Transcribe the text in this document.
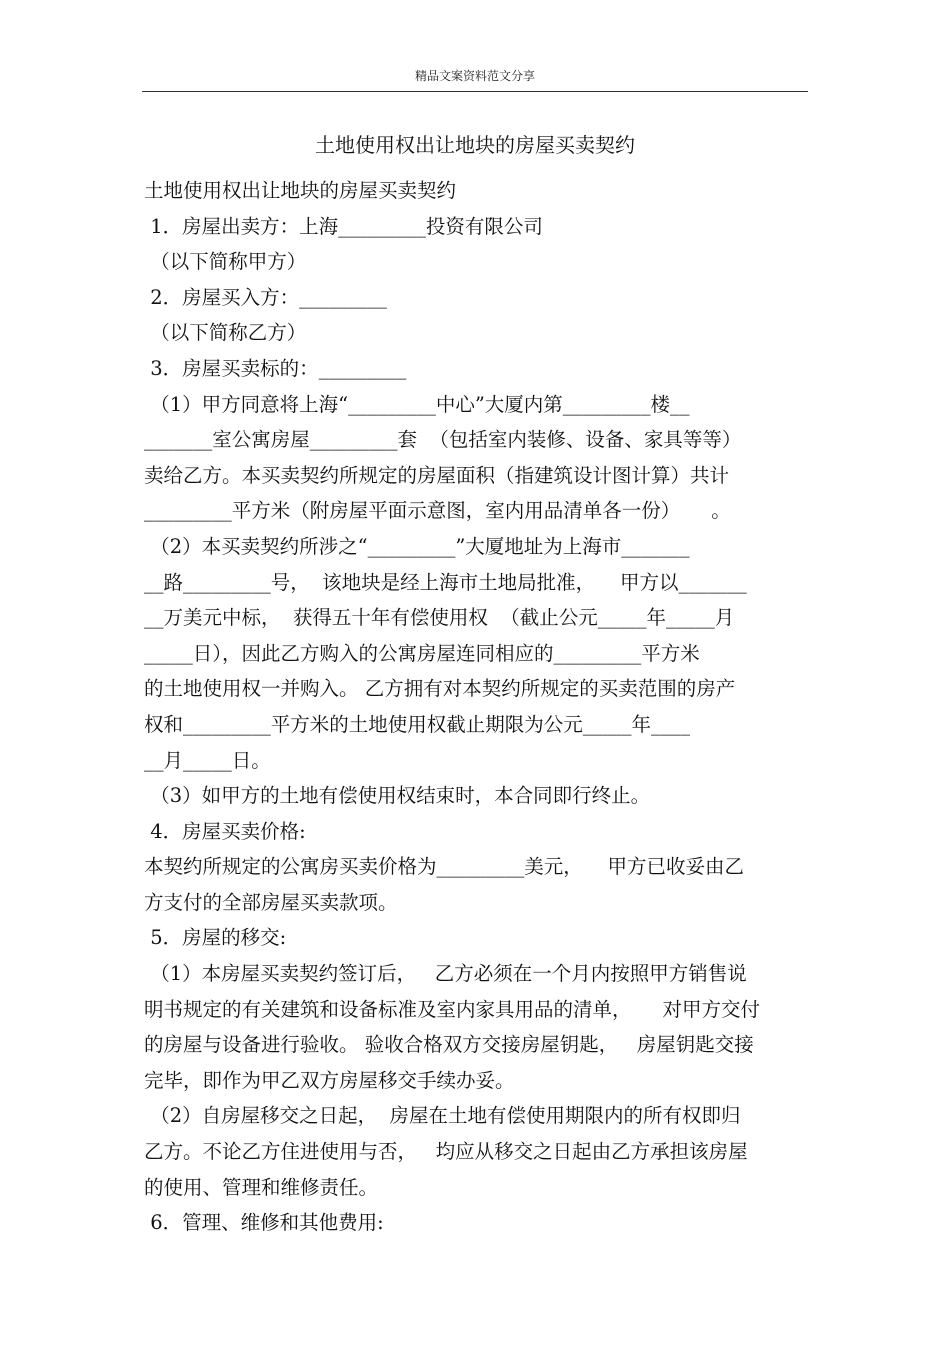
精品文案资料范文分享
土地使用权出让地块的房屋买卖契约
土地使用权出让地块的房屋买卖契约
1．房屋出卖方：上海_________投资有限公司
（以下简称甲方）
2．房屋买入方：_________
（以下简称乙方）
3．房屋买卖标的：_________
（1）甲方同意将上海“_________中心”大厦内第_________楼__
_______室公寓房屋_________套  （包括室内装修、设备、家具等等）
卖给乙方。本买卖契约所规定的房屋面积（指建筑设计图计算）共计
_________平方米（附房屋平面示意图，室内用品清单各一份）     。
（2）本买卖契约所涉之“_________”大厦地址为上海市_______
__路_________号，  该地块是经上海市土地局批准，    甲方以_______
__万美元中标，  获得五十年有偿使用权  （截止公元_____年_____月
_____日），因此乙方购入的公寓房屋连同相应的_________平方米
的土地使用权一并购入。 乙方拥有对本契约所规定的买卖范围的房产
权和_________平方米的土地使用权截止期限为公元_____年____
__月_____日。
（3）如甲方的土地有偿使用权结束时，本合同即行终止。
4．房屋买卖价格:
本契约所规定的公寓房买卖价格为_________美元，    甲方已收妥由乙
方支付的全部房屋买卖款项。
5．房屋的移交:
（1）本房屋买卖契约签订后，   乙方必须在一个月内按照甲方销售说
明书规定的有关建筑和设备标准及室内家具用品的清单，     对甲方交付
的房屋与设备进行验收。 验收合格双方交接房屋钥匙，   房屋钥匙交接
完毕，即作为甲乙双方房屋移交手续办妥。
（2）自房屋移交之日起，  房屋在土地有偿使用期限内的所有权即归
乙方。不论乙方住进使用与否，   均应从移交之日起由乙方承担该房屋
的使用、管理和维修责任。
6．管理、维修和其他费用:
